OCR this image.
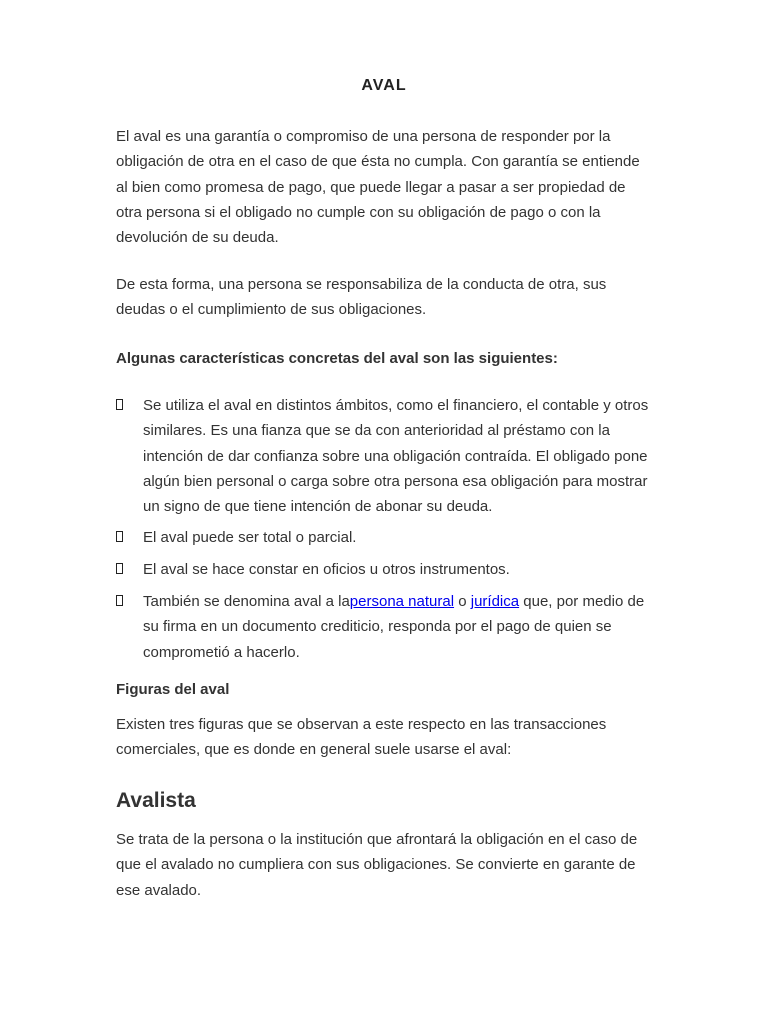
AVAL

El aval es una garantía o compromiso de una persona de responder por la obligación de otra en el caso de que ésta no cumpla. Con garantía se entiende al bien como promesa de pago, que puede llegar a pasar a ser propiedad de otra persona si el obligado no cumple con su obligación de pago o con la devolución de su deuda.

De esta forma, una persona se responsabiliza de la conducta de otra, sus deudas o el cumplimiento de sus obligaciones.

Algunas características concretas del aval son las siguientes:

Se utiliza el aval en distintos ámbitos, como el financiero, el contable y otros similares. Es una fianza que se da con anterioridad al préstamo con la intención de dar confianza sobre una obligación contraída. El obligado pone algún bien personal o carga sobre otra persona esa obligación para mostrar un signo de que tiene intención de abonar su deuda.
El aval puede ser total o parcial.
El aval se hace constar en oficios u otros instrumentos.
También se denomina aval a lapersona natural o jurídica que, por medio de su firma en un documento crediticio, responda por el pago de quien se comprometió a hacerlo.
Figuras del aval

Existen tres figuras que se observan a este respecto en las transacciones comerciales, que es donde en general suele usarse el aval:

Avalista

Se trata de la persona o la institución que afrontará la obligación en el caso de que el avalado no cumpliera con sus obligaciones. Se convierte en garante de ese avalado.
